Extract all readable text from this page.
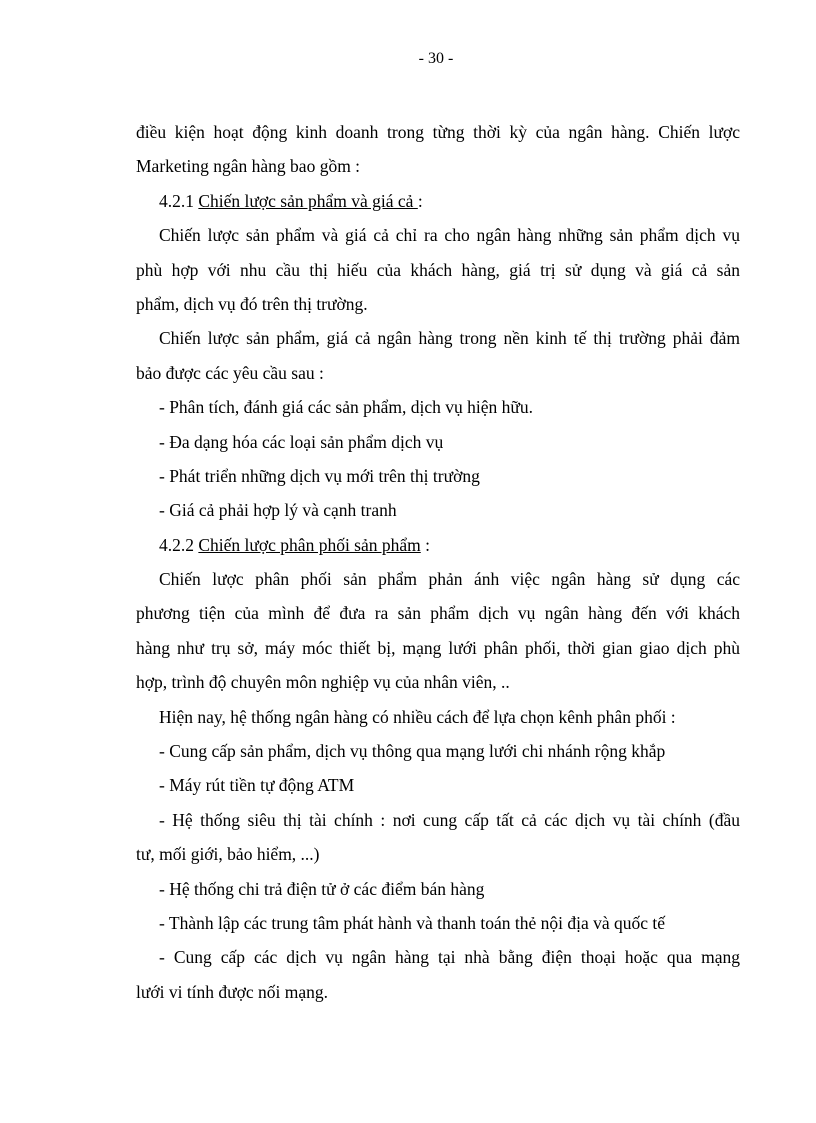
- 30 -
điều kiện hoạt động kinh doanh trong từng thời kỳ của ngân hàng. Chiến lược
Marketing ngân hàng bao gồm :
4.2.1 Chiến lược sản phẩm và giá cả :
Chiến lược sản phẩm và giá cả chỉ ra cho ngân hàng những sản phẩm dịch vụ
phù hợp với nhu cầu thị hiếu của khách hàng, giá trị sử dụng và giá cả sản
phẩm, dịch vụ đó trên thị trường.
Chiến lược sản phẩm, giá cả ngân hàng trong nền kinh tế thị trường phải đảm
bảo được các yêu cầu sau :
- Phân tích, đánh giá các sản phẩm, dịch vụ hiện hữu.
- Đa dạng hóa các loại sản phẩm dịch vụ
- Phát triển những dịch vụ mới trên thị trường
- Giá cả phải hợp lý và cạnh tranh
4.2.2 Chiến lược phân phối sản phẩm :
Chiến lược phân phối sản phẩm phản ánh việc ngân hàng sử dụng các
phương tiện của mình để đưa ra sản phẩm dịch vụ ngân hàng đến với khách
hàng như trụ sở, máy móc thiết bị, mạng lưới phân phối, thời gian giao dịch phù
hợp, trình độ chuyên môn nghiệp vụ của nhân viên, ..
Hiện nay, hệ thống ngân hàng có nhiều cách để lựa chọn kênh phân phối :
- Cung cấp sản phẩm, dịch vụ thông qua mạng lưới chi nhánh rộng khắp
- Máy rút tiền tự động ATM
- Hệ thống siêu thị tài chính : nơi cung cấp tất cả các dịch vụ tài chính (đầu
tư, mối giới, bảo hiểm, ...)
- Hệ thống chi trả điện tử ở các điểm bán hàng
- Thành lập các trung tâm phát hành và thanh toán thẻ nội địa và quốc tế
- Cung cấp các dịch vụ ngân hàng tại nhà bằng điện thoại hoặc qua mạng
lưới vi tính được nối mạng.
